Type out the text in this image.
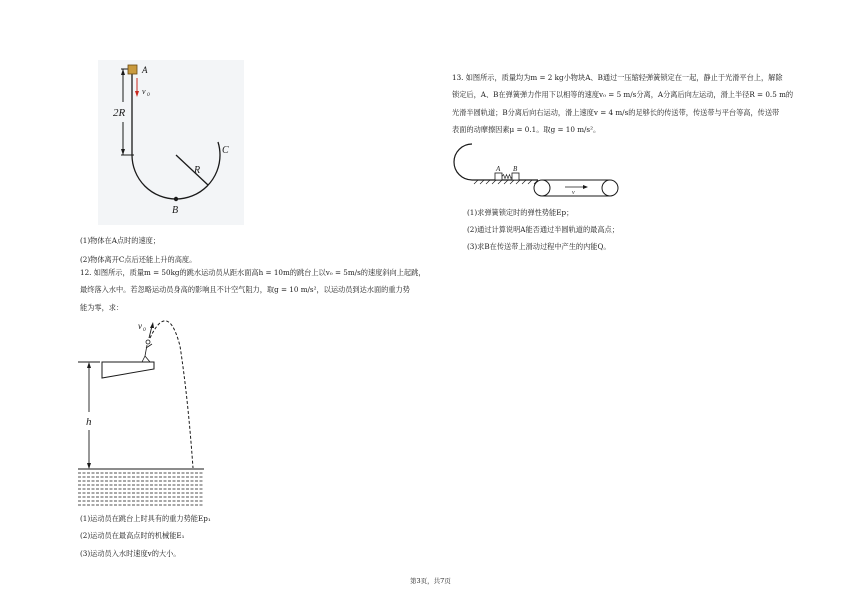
2R
A
v 0
R
C
B
(1)物体在A点时的速度；
(2)物体离开C点后还能上升的高度。
12. 如图所示，质量m = 50kg的跳水运动员从距水面高h = 10m的跳台上以v₀ = 5m/s的速度斜向上起跳，
最终落入水中。若忽略运动员身高的影响且不计空气阻力，取g = 10 m/s²，以运动员到达水面的重力势
能为零，求：
v 0
h
(1)运动员在跳台上时具有的重力势能Ep₁
(2)运动员在最高点时的机械能E₁
(3)运动员入水时速度v的大小。
13. 如图所示，质量均为m = 2 kg小物块A、B通过一压缩轻弹簧锁定在一起，静止于光滑平台上，解除
锁定后，A、B在弹簧弹力作用下以相等的速度v₀ = 5 m/s分离，A分离后向左运动，滑上半径R = 0.5 m的
光滑半圆轨道；B分离后向右运动，滑上速度v = 4 m/s的足够长的传送带，传送带与平台等高，传送带
表面的动摩擦因素μ = 0.1。取g = 10 m/s²。
A B
v
(1)求弹簧锁定时的弹性势能Ep；
(2)通过计算说明A能否通过半圆轨道的最高点；
(3)求B在传送带上滑动过程中产生的内能Q。
第3页，共7页
